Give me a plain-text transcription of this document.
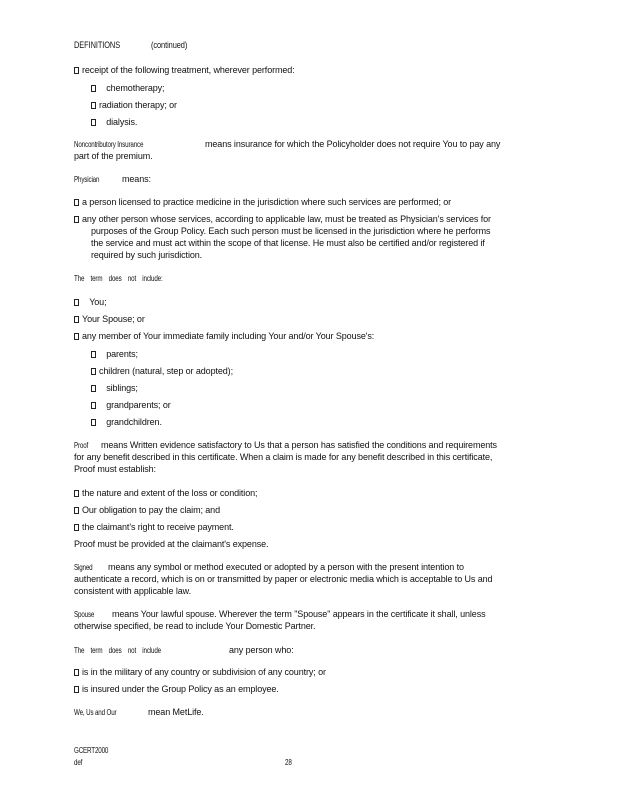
DEFINITIONS	(continued)
receipt of the following treatment, wherever performed:
chemotherapy;
radiation therapy; or
dialysis.
Noncontributory Insurance	means insurance for which the Policyholder does not require You to pay any
part of the premium.
Physician	means:
a person licensed to practice medicine in the jurisdiction where such services are performed; or
any other person whose services, according to applicable law, must be treated as Physician's services for
purposes of the Group Policy. Each such person must be licensed in the jurisdiction where he performs
the service and must act within the scope of that license. He must also be certified and/or registered if
required by such jurisdiction.
The term does not include:
You;
Your Spouse; or
any member of Your immediate family including Your and/or Your Spouse's:
parents;
children (natural, step or adopted);
siblings;
grandparents; or
grandchildren.
Proof means Written evidence satisfactory to Us that a person has satisfied the conditions and requirements
for any benefit described in this certificate. When a claim is made for any benefit described in this certificate,
Proof must establish:
the nature and extent of the loss or condition;
Our obligation to pay the claim; and
the claimant's right to receive payment.
Proof must be provided at the claimant's expense.
Signed means any symbol or method executed or adopted by a person with the present intention to
authenticate a record, which is on or transmitted by paper or electronic media which is acceptable to Us and
consistent with applicable law.
Spouse means Your lawful spouse. Wherever the term "Spouse" appears in the certificate it shall, unless
otherwise specified, be read to include Your Domestic Partner.
The term does not include	any person who:
is in the military of any country or subdivision of any country; or
is insured under the Group Policy as an employee.
We, Us and Our	mean MetLife.
GCERT2000
def	28
